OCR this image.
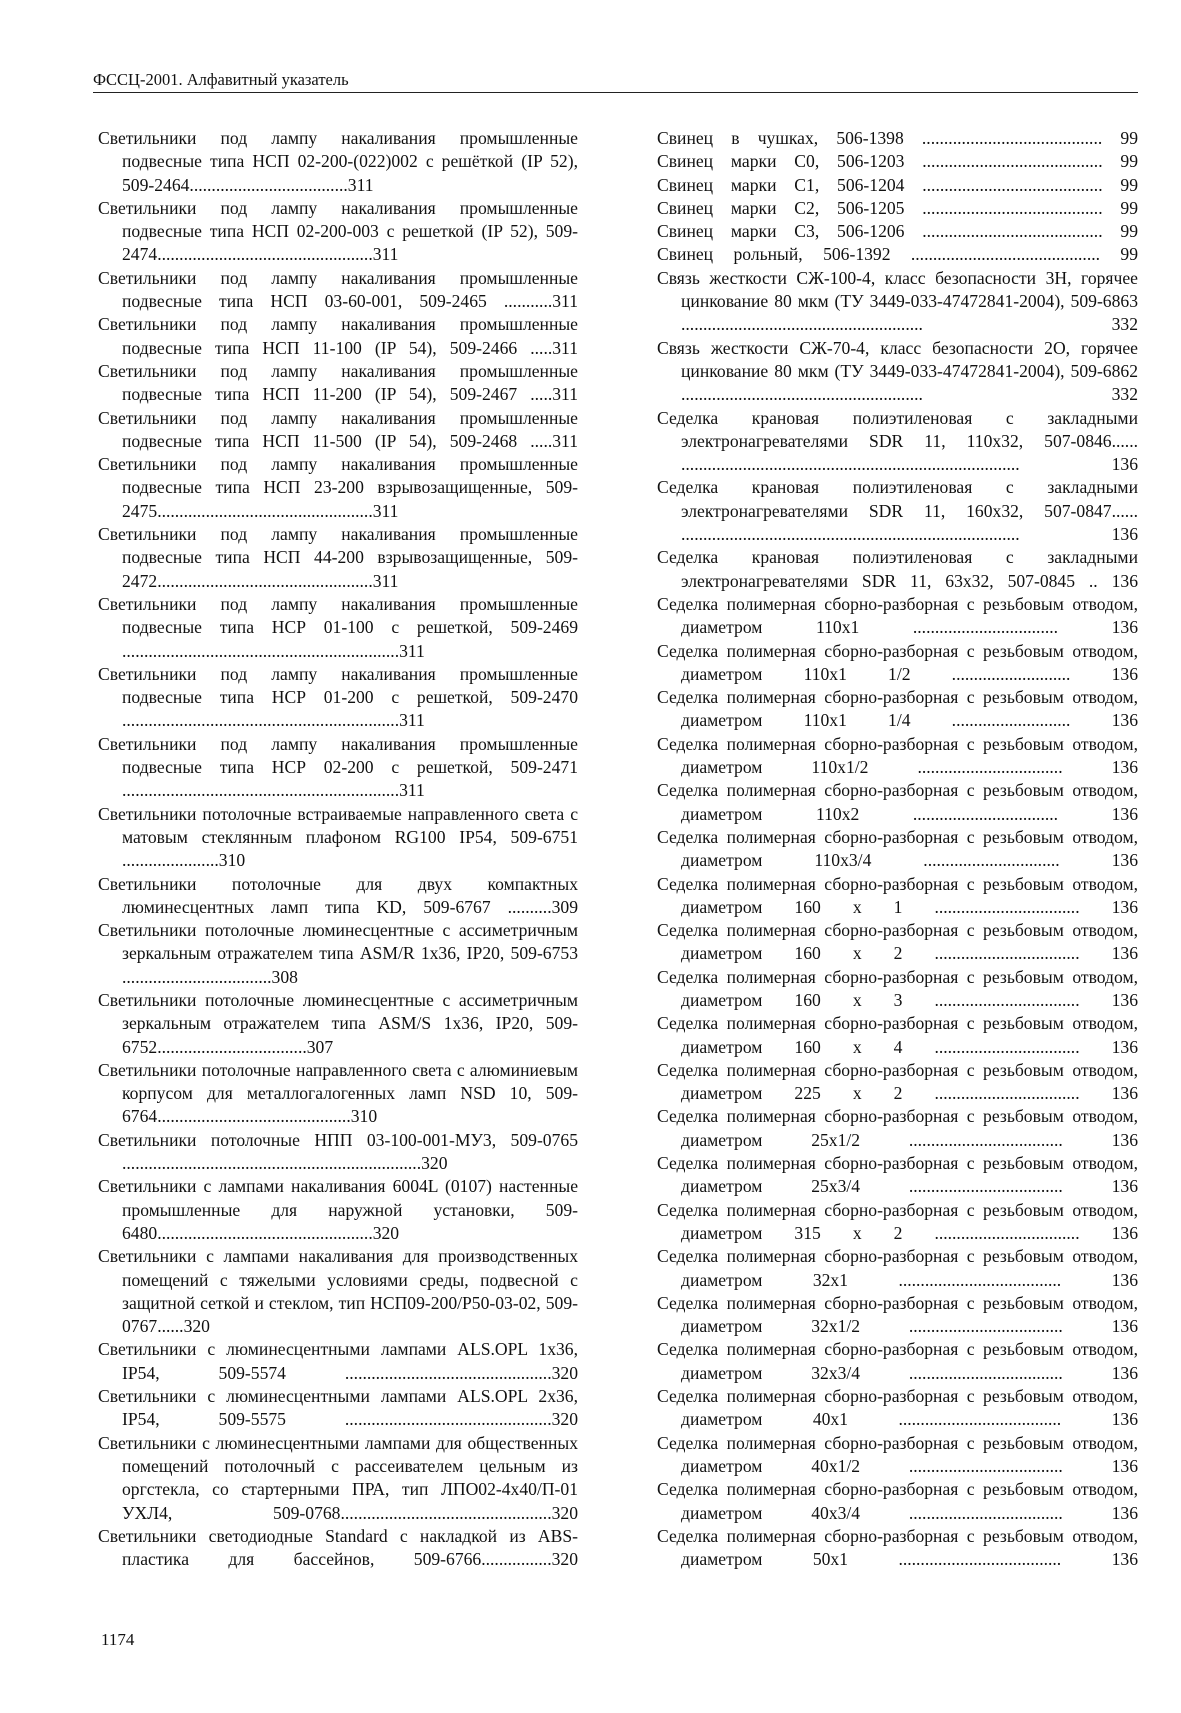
ФССЦ-2001. Алфавитный указатель
Светильники под лампу накаливания промышленные подвесные типа НСП 02-200-(022)002 с решёткой (IP 52), 509-2464....................................311
Светильники под лампу накаливания промышленные подвесные типа НСП 02-200-003 с решеткой (IP 52), 509-2474.................................................311
Светильники под лампу накаливания промышленные подвесные типа НСП 03-60-001, 509-2465 ...........311
Светильники под лампу накаливания промышленные подвесные типа НСП 11-100 (IP 54), 509-2466 .....311
Светильники под лампу накаливания промышленные подвесные типа НСП 11-200 (IP 54), 509-2467 .....311
Светильники под лампу накаливания промышленные подвесные типа НСП 11-500 (IP 54), 509-2468 .....311
Светильники под лампу накаливания промышленные подвесные типа НСП 23-200 взрывозащищенные, 509-2475.................................................311
Светильники под лампу накаливания промышленные подвесные типа НСП 44-200 взрывозащищенные, 509-2472.................................................311
Светильники под лампу накаливания промышленные подвесные типа НСР 01-100 с решеткой, 509-2469 ...............................................................311
Светильники под лампу накаливания промышленные подвесные типа НСР 01-200 с решеткой, 509-2470 ...............................................................311
Светильники под лампу накаливания промышленные подвесные типа НСР 02-200 с решеткой, 509-2471 ...............................................................311
Светильники потолочные встраиваемые направленного света с матовым стеклянным плафоном RG100 IP54, 509-6751 ......................310
Светильники потолочные для двух компактных люминесцентных ламп типа KD, 509-6767 ..........309
Светильники потолочные люминесцентные с ассиметричным зеркальным отражателем типа ASM/R 1x36, IP20, 509-6753 ..................................308
Светильники потолочные люминесцентные с ассиметричным зеркальным отражателем типа ASM/S 1x36, IP20, 509-6752..................................307
Светильники потолочные направленного света с алюминиевым корпусом для металлогалогенных ламп NSD 10, 509-6764............................................310
Светильники потолочные НПП 03-100-001-МУ3, 509-0765 ....................................................................320
Светильники с лампами накаливания 6004L (0107) настенные промышленные для наружной установки, 509-6480.................................................320
Светильники с лампами накаливания для производственных помещений с тяжелыми условиями среды, подвесной с защитной сеткой и стеклом, тип НСП09-200/Р50-03-02, 509-0767......320
Светильники с люминесцентными лампами ALS.OPL 1x36, IP54, 509-5574 ...............................................320
Светильники с люминесцентными лампами ALS.OPL 2x36, IP54, 509-5575 ...............................................320
Светильники с люминесцентными лампами для общественных помещений потолочный с рассеивателем цельным из оргстекла, со стартерными ПРА, тип ЛПО02-4x40/П-01 УХЛ4, 509-0768................................................320
Светильники светодиодные Standard с накладкой из ABS-пластика для бассейнов, 509-6766................320
Свинец в чушках, 506-1398 ......................................... 99
Свинец марки С0, 506-1203 ......................................... 99
Свинец марки С1, 506-1204 ......................................... 99
Свинец марки С2, 506-1205 ......................................... 99
Свинец марки С3, 506-1206 ......................................... 99
Свинец рольный, 506-1392 ........................................... 99
Связь жесткости СЖ-100-4, класс безопасности 3Н, горячее цинкование 80 мкм (ТУ 3449-033-47472841-2004), 509-6863 ....................................................... 332
Связь жесткости СЖ-70-4, класс безопасности 2О, горячее цинкование 80 мкм (ТУ 3449-033-47472841-2004), 509-6862 ....................................................... 332
Седелка крановая полиэтиленовая с закладными электронагревателями SDR 11, 110x32, 507-0846...... ............................................................................. 136
Седелка крановая полиэтиленовая с закладными электронагревателями SDR 11, 160x32, 507-0847...... ............................................................................. 136
Седелка крановая полиэтиленовая с закладными электронагревателями SDR 11, 63x32, 507-0845 .. 136
Седелка полимерная сборно-разборная с резьбовым отводом, диаметром 110x1 ................................. 136
Седелка полимерная сборно-разборная с резьбовым отводом, диаметром 110x1 1/2 ........................... 136
Седелка полимерная сборно-разборная с резьбовым отводом, диаметром 110x1 1/4 ........................... 136
Седелка полимерная сборно-разборная с резьбовым отводом, диаметром 110x1/2 ................................. 136
Седелка полимерная сборно-разборная с резьбовым отводом, диаметром 110x2 ................................. 136
Седелка полимерная сборно-разборная с резьбовым отводом, диаметром 110x3/4 ............................... 136
Седелка полимерная сборно-разборная с резьбовым отводом, диаметром 160 x 1 ................................. 136
Седелка полимерная сборно-разборная с резьбовым отводом, диаметром 160 x 2 ................................. 136
Седелка полимерная сборно-разборная с резьбовым отводом, диаметром 160 x 3 ................................. 136
Седелка полимерная сборно-разборная с резьбовым отводом, диаметром 160 x 4 ................................. 136
Седелка полимерная сборно-разборная с резьбовым отводом, диаметром 225 x 2 ................................. 136
Седелка полимерная сборно-разборная с резьбовым отводом, диаметром 25x1/2 ................................... 136
Седелка полимерная сборно-разборная с резьбовым отводом, диаметром 25x3/4 ................................... 136
Седелка полимерная сборно-разборная с резьбовым отводом, диаметром 315 x 2 ................................. 136
Седелка полимерная сборно-разборная с резьбовым отводом, диаметром 32x1 ..................................... 136
Седелка полимерная сборно-разборная с резьбовым отводом, диаметром 32x1/2 ................................... 136
Седелка полимерная сборно-разборная с резьбовым отводом, диаметром 32x3/4 ................................... 136
Седелка полимерная сборно-разборная с резьбовым отводом, диаметром 40x1 ..................................... 136
Седелка полимерная сборно-разборная с резьбовым отводом, диаметром 40x1/2 ................................... 136
Седелка полимерная сборно-разборная с резьбовым отводом, диаметром 40x3/4 ................................... 136
Седелка полимерная сборно-разборная с резьбовым отводом, диаметром 50x1 ..................................... 136
1174
